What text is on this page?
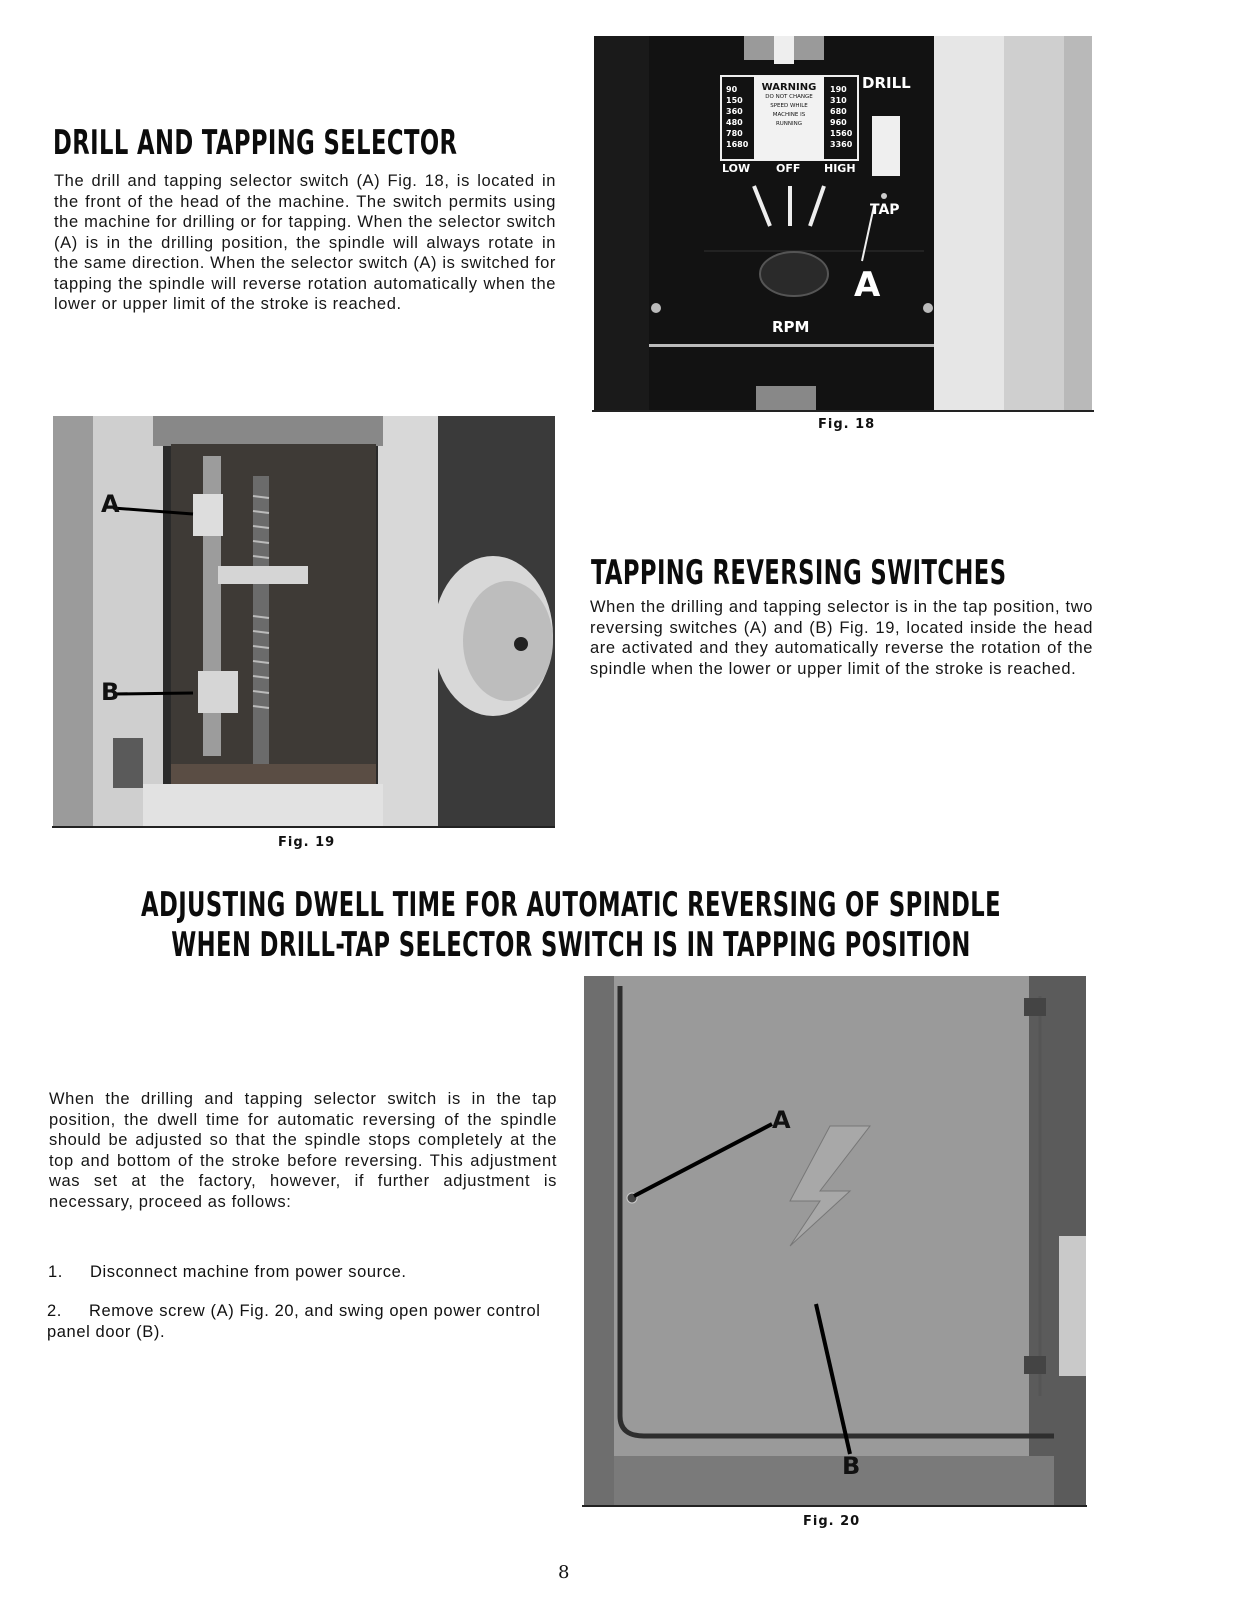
90
150
360
480
780
1680
WARNING
DO NOT CHANGE
SPEED WHILE
MACHINE IS
RUNNING
190
310
680
960
1560
3360
LOW OFF HIGH
DRILL
TAP
RPM
A

Fig. 18

DRILL AND TAPPING SELECTOR

The drill and tapping selector switch (A) Fig. 18, is located in the front of the head of the machine. The switch permits using the machine for drilling or for tapping. When the selector switch (A) is in the drilling position, the spindle will always rotate in the same direction. When the selector switch (A) is switched for tapping the spindle will reverse rotation automatically when the lower or upper limit of the stroke is reached.

A
B

Fig. 19

TAPPING REVERSING SWITCHES

When the drilling and tapping selector is in the tap position, two reversing switches (A) and (B) Fig. 19, located inside the head are activated and they automatically reverse the rotation of the spindle when the lower or upper limit of the stroke is reached.

ADJUSTING DWELL TIME FOR AUTOMATIC REVERSING OF SPINDLE
WHEN DRILL-TAP SELECTOR SWITCH IS IN TAPPING POSITION

When the drilling and tapping selector switch is in the tap position, the dwell time for automatic reversing of the spindle should be adjusted so that the spindle stops completely at the top and bottom of the stroke before reversing. This adjustment was set at the factory, however, if further adjustment is necessary, proceed as follows:

1. Disconnect machine from power source.
2. Remove screw (A) Fig. 20, and swing open power control panel door (B).
A
B

Fig. 20

8
